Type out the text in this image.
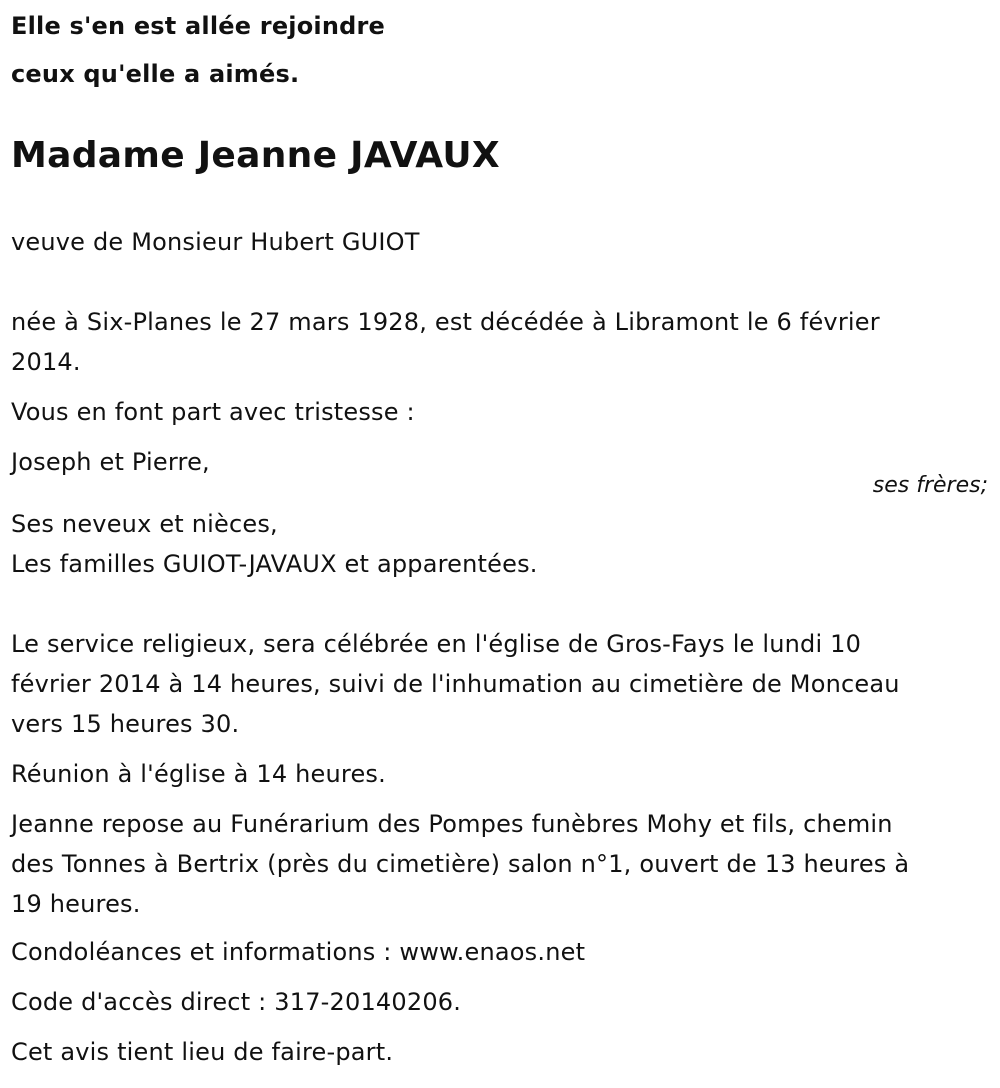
Elle s'en est allée rejoindre

ceux qu'elle a aimés.

Madame Jeanne JAVAUX

veuve de Monsieur Hubert GUIOT

née à Six-Planes le 27 mars 1928, est décédée à Libramont le 6 février

2014.

Vous en font part avec tristesse :

Joseph et Pierre,

ses frères;

Ses neveux et nièces,

Les familles GUIOT-JAVAUX et apparentées.

Le service religieux, sera célébrée en l'église de Gros-Fays le lundi 10

février 2014 à 14 heures, suivi de l'inhumation au cimetière de Monceau

vers 15 heures 30.

Réunion à l'église à 14 heures.

Jeanne repose au Funérarium des Pompes funèbres Mohy et fils, chemin

des Tonnes à Bertrix (près du cimetière) salon n°1, ouvert de 13 heures à

19 heures.

Condoléances et informations : www.enaos.net

Code d'accès direct : 317-20140206.

Cet avis tient lieu de faire-part.
